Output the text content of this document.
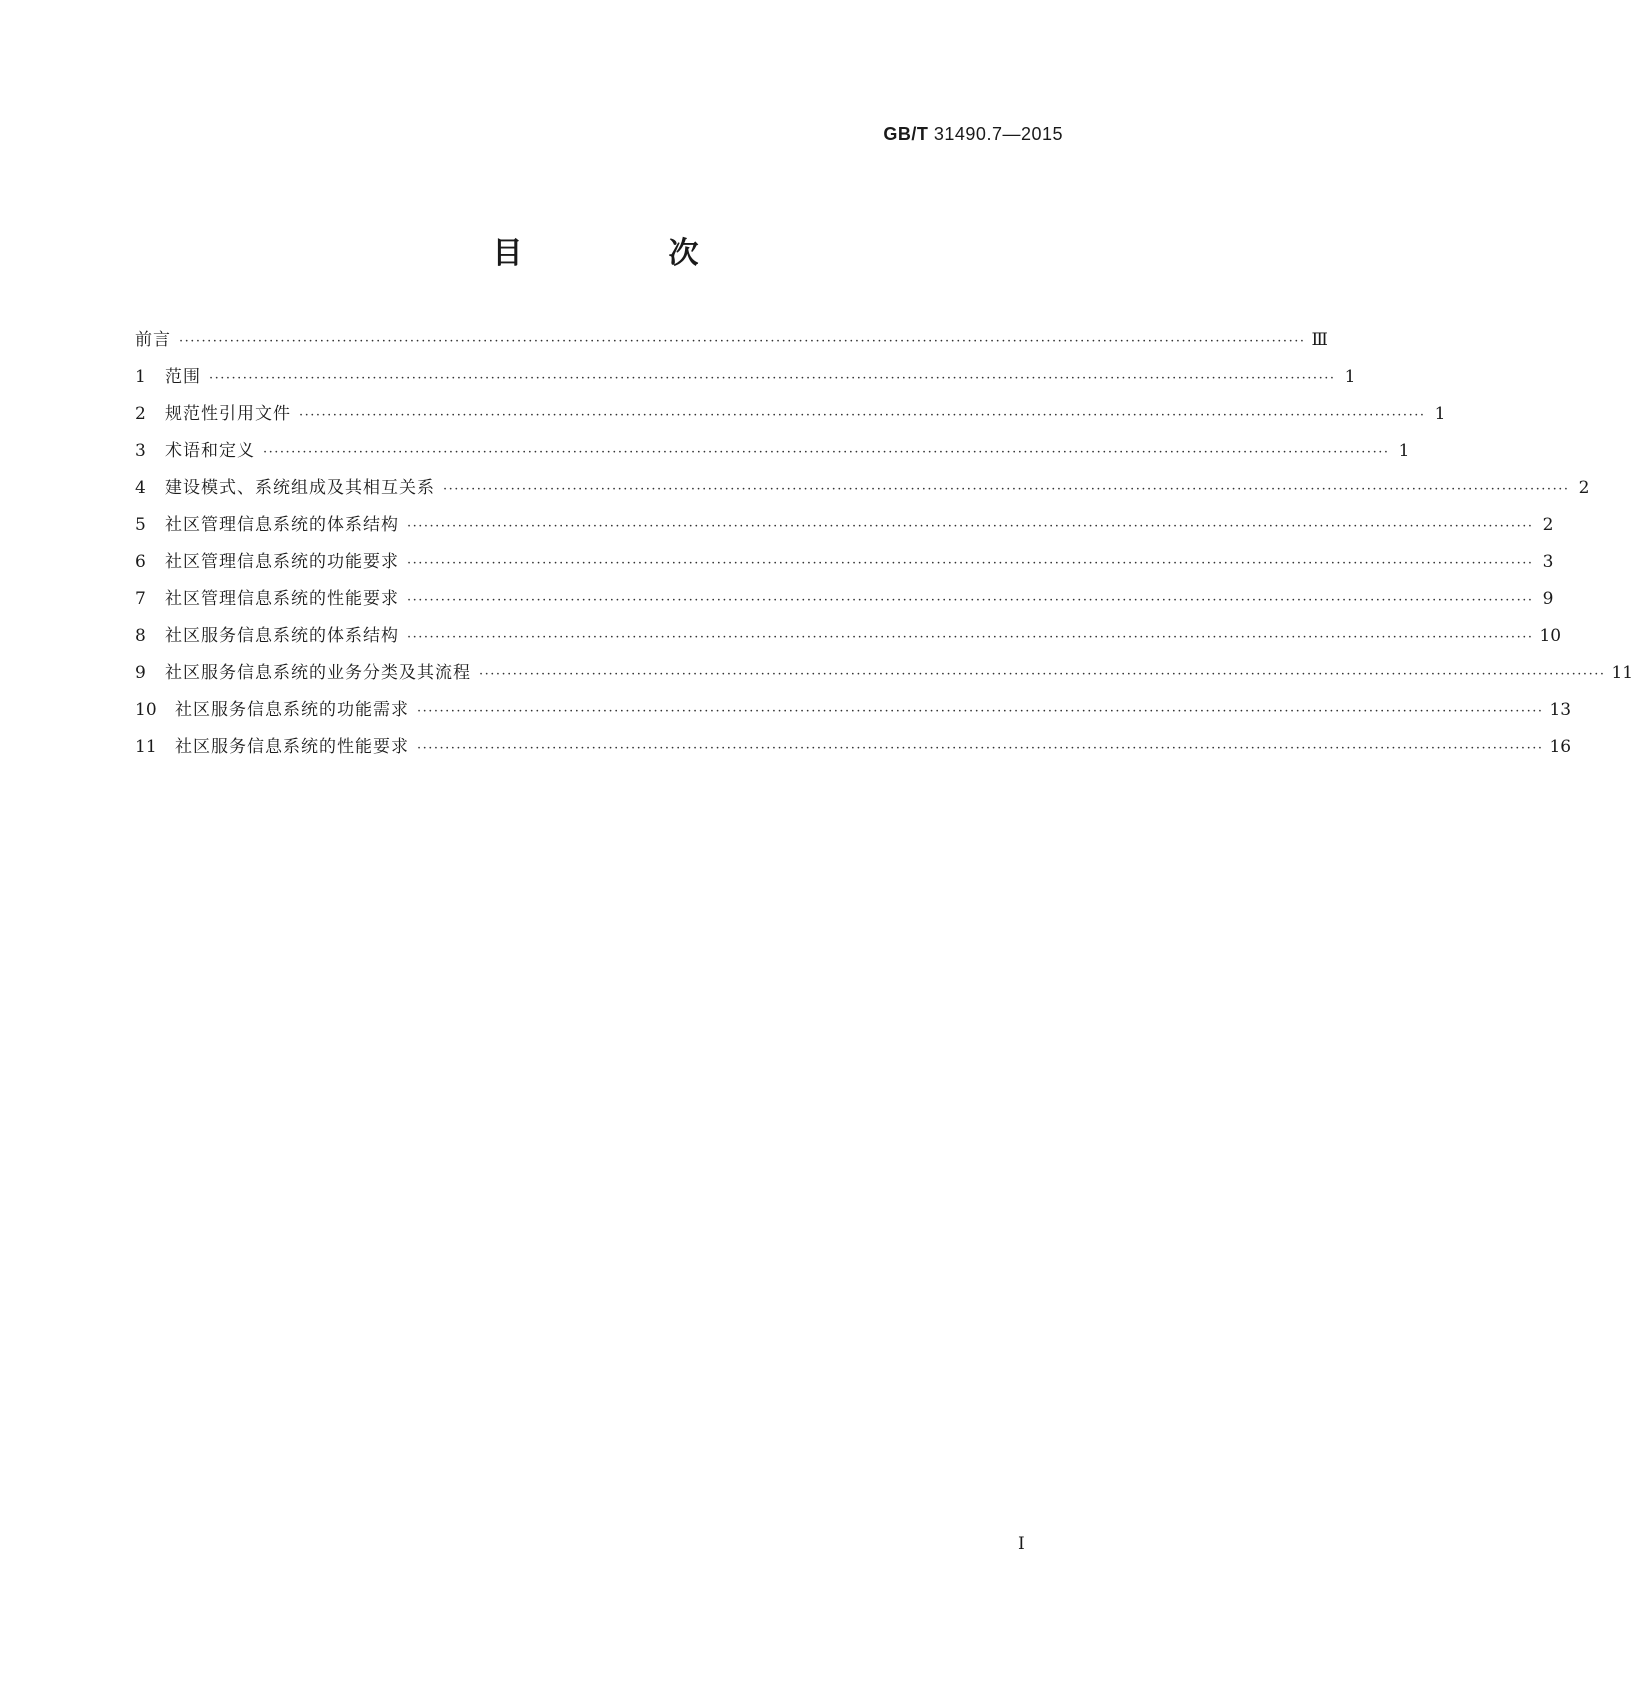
GB/T 31490.7—2015
目　次
前言 ········································································································································································································ Ⅲ
1	范围 ········································································································································································································ 1
2	规范性引用文件 ········································································································································································································ 1
3	术语和定义 ········································································································································································································ 1
4	建设模式、系统组成及其相互关系 ········································································································································································································ 2
5	社区管理信息系统的体系结构 ········································································································································································································ 2
6	社区管理信息系统的功能要求 ········································································································································································································ 3
7	社区管理信息系统的性能要求 ········································································································································································································ 9
8	社区服务信息系统的体系结构 ········································································································································································································ 10
9	社区服务信息系统的业务分类及其流程 ········································································································································································································ 11
10	社区服务信息系统的功能需求 ········································································································································································································ 13
11	社区服务信息系统的性能要求 ········································································································································································································ 16
I
